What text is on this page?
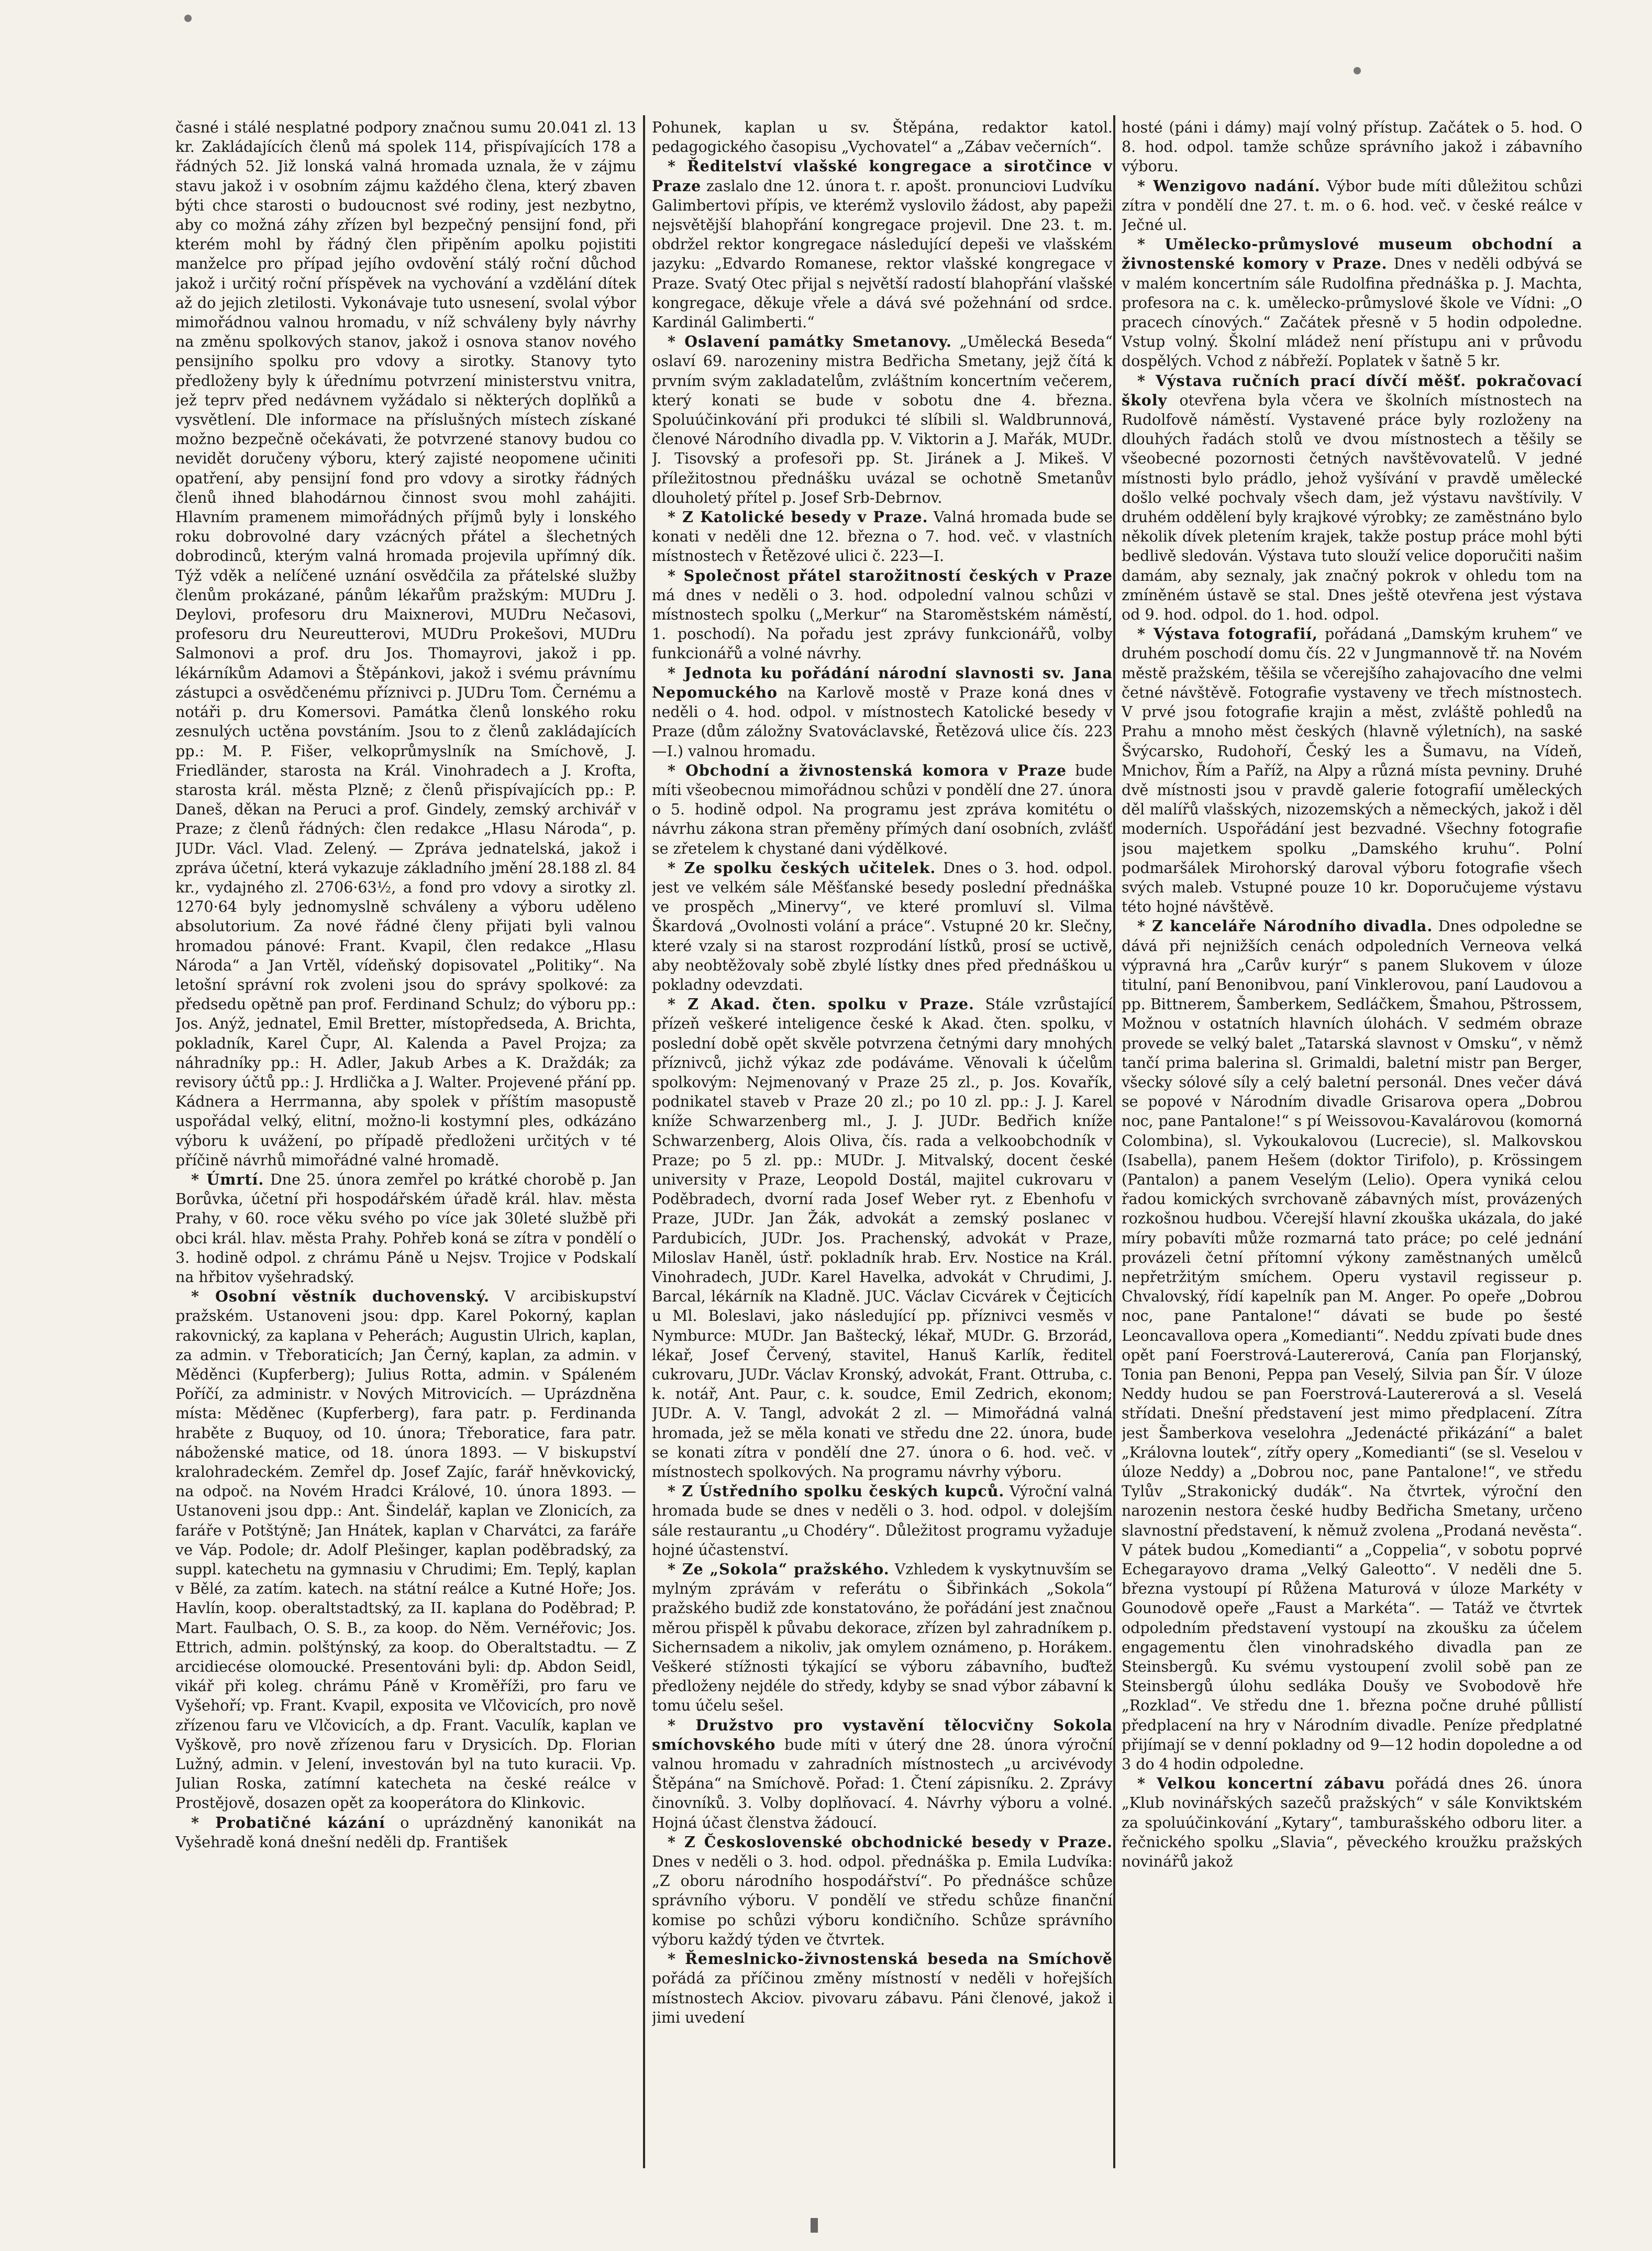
časné i stálé nesplatné podpory značnou sumu 20.041 zl. 13 kr. Zakládajících členů má spolek 114, přispívajících 178 a řádných 52. Již lonská valná hromada uznala, že v zájmu stavu jakož i v osobním zájmu každého člena, který zbaven býti chce starosti o budoucnost své rodiny, jest nezbytno, aby co možná záhy zřízen byl bezpečný pensijní fond, při kterém mohl by řádný člen připěním apolku pojistiti manželce pro případ jejího ovdovění stálý roční důchod jakož i určitý roční příspěvek na vychování a vzdělání dítek až do jejich zletilosti. Vykonávaje tuto usnesení, svolal výbor mimořádnou valnou hromadu, v níž schváleny byly návrhy na změnu spolkových stanov, jakož i osnova stanov nového pensijního spolku pro vdovy a sirotky. Stanovy tyto předloženy byly k úřednímu potvrzení ministerstvu vnitra, jež teprv před nedávnem vyžádalo si některých doplňků a vysvětlení. Dle informace na příslušných místech získané možno bezpečně očekávati, že potvrzené stanovy budou co nevidět doručeny výboru, který zajisté neopomene učiniti opatření, aby pensijní fond pro vdovy a sirotky řádných členů ihned blahodárnou činnost svou mohl zahájiti. Hlavním pramenem mimořádných příjmů byly i lonského roku dobrovolné dary vzácných přátel a šlechetných dobrodinců, kterým valná hromada projevila upřímný dík. Týž vděk a nelíčené uznání osvědčila za přátelské služby členům prokázané, pánům lékařům pražským: MUDru J. Deylovi, profesoru dru Maixnerovi, MUDru Nečasovi, profesoru dru Neureutterovi, MUDru Prokešovi, MUDru Salmonovi a prof. dru Jos. Thomayrovi, jakož i pp. lékárníkům Adamovi a Štěpánkovi, jakož i svému právnímu zástupci a osvědčenému příznivci p. JUDru Tom. Černému a notáři p. dru Komersovi. Památka členů lonského roku zesnulých uctěna povstáním. Jsou to z členů zakládajících pp.: M. P. Fišer, velkoprůmyslník na Smíchově, J. Friedländer, starosta na Král. Vinohradech a J. Krofta, starosta král. města Plzně; z členů přispívajících pp.: P. Daneš, děkan na Peruci a prof. Gindely, zemský archivář v Praze; z členů řádných: člen redakce „Hlasu Národa“, p. JUDr. Václ. Vlad. Zelený. — Zpráva jednatelská, jakož i zpráva účetní, která vykazuje základního jmění 28.188 zl. 84 kr., vydajného zl. 2706·63½, a fond pro vdovy a sirotky zl. 1270·64 byly jednomyslně schváleny a výboru uděleno absolutorium. Za nové řádné členy přijati byli valnou hromadou pánové: Frant. Kvapil, člen redakce „Hlasu Národa“ a Jan Vrtěl, vídeňský dopisovatel „Politiky“. Na letošní správní rok zvoleni jsou do správy spolkové: za předsedu opětně pan prof. Ferdinand Schulz; do výboru pp.: Jos. Anýž, jednatel, Emil Bretter, místopředseda, A. Brichta, pokladník, Karel Čupr, Al. Kalenda a Pavel Projza; za náhradníky pp.: H. Adler, Jakub Arbes a K. Draždák; za revisory účtů pp.: J. Hrdlička a J. Walter. Projevené přání pp. Kádnera a Herrmanna, aby spolek v příštím masopustě uspořádal velký, elitní, možno-li kostymní ples, odkázáno výboru k uvážení, po případě předloženi určitých v té příčině návrhů mimořádné valné hromadě.

* Úmrtí. Dne 25. února zemřel po krátké chorobě p. Jan Borůvka, účetní při hospodářském úřadě král. hlav. města Prahy, v 60. roce věku svého po více jak 30leté službě při obci král. hlav. města Prahy. Pohřeb koná se zítra v pondělí o 3. hodině odpol. z chrámu Páně u Nejsv. Trojice v Podskalí na hřbitov vyšehradský.

* Osobní věstník duchovenský. V arcibiskupství pražském. Ustanoveni jsou: dpp. Karel Pokorný, kaplan rakovnický, za kaplana v Peherách; Augustin Ulrich, kaplan, za admin. v Třeboraticích; Jan Černý, kaplan, za admin. v Měděnci (Kupferberg); Julius Rotta, admin. v Spáleném Poříčí, za administr. v Nových Mitrovicích. — Uprázdněna místa: Měděnec (Kupferberg), fara patr. p. Ferdinanda hraběte z Buquoy, od 10. února; Třeboratice, fara patr. náboženské matice, od 18. února 1893. — V biskupství kralohradeckém. Zemřel dp. Josef Zajíc, farář hněvkovický, na odpoč. na Novém Hradci Králové, 10. února 1893. — Ustanoveni jsou dpp.: Ant. Šindelář, kaplan ve Zlonicích, za faráře v Potštýně; Jan Hnátek, kaplan v Charvátci, za faráře ve Váp. Podole; dr. Adolf Plešinger, kaplan poděbradský, za suppl. katechetu na gymnasiu v Chrudimi; Em. Teplý, kaplan v Bělé, za zatím. katech. na státní reálce a Kutné Hoře; Jos. Havlín, koop. oberaltstadtský, za II. kaplana do Poděbrad; P. Mart. Faulbach, O. S. B., za koop. do Něm. Vernéřovic; Jos. Ettrich, admin. polštýnský, za koop. do Oberaltstadtu. — Z arcidiecése olomoucké. Presentováni byli: dp. Abdon Seidl, vikář při koleg. chrámu Páně v Kroměříži, pro faru ve Vyšehoří; vp. Frant. Kvapil, exposita ve Vlčovicích, pro nově zřízenou faru ve Vlčovicích, a dp. Frant. Vaculík, kaplan ve Vyškově, pro nově zřízenou faru v Drysicích. Dp. Florian Lužný, admin. v Jelení, investován byl na tuto kuracii. Vp. Julian Roska, zatímní katecheta na české reálce v Prostějově, dosazen opět za kooperátora do Klinkovic.

* Probatičné kázání o uprázdněný kanonikát na Vyšehradě koná dnešní neděli dp. František

Pohunek, kaplan u sv. Štěpána, redaktor katol. pedagogického časopisu „Vychovatel“ a „Zábav večerních“.

* Ředitelství vlašské kongregace a sirotčince v Praze zaslalo dne 12. února t. r. apošt. pronunciovi Ludvíku Galimbertovi přípis, ve kterémž vyslovilo žádost, aby papeži nejsvětější blahopřání kongregace projevil. Dne 23. t. m. obdržel rektor kongregace následující depeši ve vlašském jazyku: „Edvardo Romanese, rektor vlašské kongregace v Praze. Svatý Otec přijal s největší radostí blahopřání vlašské kongregace, děkuje vřele a dává své požehnání od srdce. Kardinál Galimberti.“

* Oslavení památky Smetanovy. „Umělecká Beseda“ oslaví 69. narozeniny mistra Bedřicha Smetany, jejž čítá k prvním svým zakladatelům, zvláštním koncertním večerem, který konati se bude v sobotu dne 4. března. Spoluúčinkování při produkci té slíbili sl. Waldbrunnová, členové Národního divadla pp. V. Viktorin a J. Mařák, MUDr. J. Tisovský a profesoři pp. St. Jiránek a J. Mikeš. V příležitostnou přednášku uvázal se ochotně Smetanův dlouholetý přítel p. Josef Srb-Debrnov.

* Z Katolické besedy v Praze. Valná hromada bude se konati v neděli dne 12. března o 7. hod. več. v vlastních místnostech v Řetězové ulici č. 223—I.

* Společnost přátel starožitností českých v Praze má dnes v neděli o 3. hod. odpolední valnou schůzi v místnostech spolku („Merkur“ na Staroměstském náměstí, 1. poschodí). Na pořadu jest zprávy funkcionářů, volby funkcionářů a volné návrhy.

* Jednota ku pořádání národní slavnosti sv. Jana Nepomuckého na Karlově mostě v Praze koná dnes v neděli o 4. hod. odpol. v místnostech Katolické besedy v Praze (dům záložny Svatováclavské, Řetězová ulice čís. 223—I.) valnou hromadu.

* Obchodní a živnostenská komora v Praze bude míti všeobecnou mimořádnou schůzi v pondělí dne 27. února o 5. hodině odpol. Na programu jest zpráva komitétu o návrhu zákona stran přeměny přímých daní osobních, zvlášť se zřetelem k chystané dani výdělkové.

* Ze spolku českých učitelek. Dnes o 3. hod. odpol. jest ve velkém sále Měšťanské besedy poslední přednáška ve prospěch „Minervy“, ve které promluví sl. Vilma Škardová „Ovolnosti volání a práce“. Vstupné 20 kr. Slečny, které vzaly si na starost rozprodání lístků, prosí se uctivě, aby neobtěžovaly sobě zbylé lístky dnes před přednáškou u pokladny odevzdati.

* Z Akad. čten. spolku v Praze. Stále vzrůstající přízeň veškeré inteligence české k Akad. čten. spolku, v poslední době opět skvěle potvrzena četnými dary mnohých příznivců, jichž výkaz zde podáváme. Věnovali k účelům spolkovým: Nejmenovaný v Praze 25 zl., p. Jos. Kovařík, podnikatel staveb v Praze 20 zl.; po 10 zl. pp.: J. J. Karel kníže Schwarzenberg ml., J. J. JUDr. Bedřich kníže Schwarzenberg, Alois Oliva, čís. rada a velkoobchodník v Praze; po 5 zl. pp.: MUDr. J. Mitvalský, docent české university v Praze, Leopold Dostál, majitel cukrovaru v Poděbradech, dvorní rada Josef Weber ryt. z Ebenhofu v Praze, JUDr. Jan Žák, advokát a zemský poslanec v Pardubicích, JUDr. Jos. Prachenský, advokát v Praze, Miloslav Haněl, ústř. pokladník hrab. Erv. Nostice na Král. Vinohradech, JUDr. Karel Havelka, advokát v Chrudimi, J. Barcal, lékárník na Kladně. JUC. Václav Cicvárek v Čejticích u Ml. Boleslavi, jako následující pp. příznivci vesměs v Nymburce: MUDr. Jan Baštecký, lékař, MUDr. G. Brzorád, lékař, Josef Červený, stavitel, Hanuš Karlík, ředitel cukrovaru, JUDr. Václav Kronský, advokát, Frant. Ottruba, c. k. notář, Ant. Paur, c. k. soudce, Emil Zedrich, ekonom; JUDr. A. V. Tangl, advokát 2 zl. — Mimořádná valná hromada, jež se měla konati ve středu dne 22. února, bude se konati zítra v pondělí dne 27. února o 6. hod. več. v místnostech spolkových. Na programu návrhy výboru.

* Z Ústředního spolku českých kupců. Výroční valná hromada bude se dnes v neděli o 3. hod. odpol. v dolejším sále restaurantu „u Chodéry“. Důležitost programu vyžaduje hojné účastenství.

* Ze „Sokola“ pražského. Vzhledem k vyskytnuvším se mylným zprávám v referátu o Šibřinkách „Sokola“ pražského budiž zde konstatováno, že pořádání jest značnou měrou přispěl k půvabu dekorace, zřízen byl zahradníkem p. Sichernsadem a nikoliv, jak omylem oznámeno, p. Horákem. Veškeré stížnosti týkající se výboru zábavního, buďtež předloženy nejdéle do středy, kdyby se snad výbor zábavní k tomu účelu sešel.

* Družstvo pro vystavění tělocvičny Sokola smíchovského bude míti v úterý dne 28. února výroční valnou hromadu v zahradních místnostech „u arcivévody Štěpána“ na Smíchově. Pořad: 1. Čtení zápisníku. 2. Zprávy činovníků. 3. Volby doplňovací. 4. Návrhy výboru a volné. Hojná účast členstva žádoucí.

* Z Československé obchodnické besedy v Praze. Dnes v neděli o 3. hod. odpol. přednáška p. Emila Ludvíka: „Z oboru národního hospodářství“. Po přednášce schůze správního výboru. V pondělí ve středu schůze finanční komise po schůzi výboru kondičního. Schůze správního výboru každý týden ve čtvrtek.

* Řemeslnicko-živnostenská beseda na Smíchově pořádá za příčinou změny místností v neděli v hořejších místnostech Akciov. pivovaru zábavu. Páni členové, jakož i jimi uvedení

hosté (páni i dámy) mají volný přístup. Začátek o 5. hod. O 8. hod. odpol. tamže schůze správního jakož i zábavního výboru.

* Wenzigovo nadání. Výbor bude míti důležitou schůzi zítra v pondělí dne 27. t. m. o 6. hod. več. v české reálce v Ječné ul.

* Umělecko-průmyslové museum obchodní a živnostenské komory v Praze. Dnes v neděli odbývá se v malém koncertním sále Rudolfina přednáška p. J. Machta, profesora na c. k. umělecko-průmyslové škole ve Vídni: „O pracech cínových.“ Začátek přesně v 5 hodin odpoledne. Vstup volný. Školní mládež není přístupu ani v průvodu dospělých. Vchod z nábřeží. Poplatek v šatně 5 kr.

* Výstava ručních prací dívčí měšť. pokračovací školy otevřena byla včera ve školních místnostech na Rudolfově náměstí. Vystavené práce byly rozloženy na dlouhých řadách stolů ve dvou místnostech a těšily se všeobecné pozornosti četných navštěvovatelů. V jedné místnosti bylo prádlo, jehož vyšívání v pravdě umělecké došlo velké pochvaly všech dam, jež výstavu navštívily. V druhém oddělení byly krajkové výrobky; ze zaměstnáno bylo několik dívek pletením krajek, takže postup práce mohl býti bedlivě sledován. Výstava tuto slouží velice doporučiti našim damám, aby seznaly, jak značný pokrok v ohledu tom na zmíněném ústavě se stal. Dnes ještě otevřena jest výstava od 9. hod. odpol. do 1. hod. odpol.

* Výstava fotografií, pořádaná „Damským kruhem“ ve druhém poschodí domu čís. 22 v Jungmannově tř. na Novém městě pražském, těšila se včerejšího zahajovacího dne velmi četné návštěvě. Fotografie vystaveny ve třech místnostech. V prvé jsou fotografie krajin a měst, zvláště pohledů na Prahu a mnoho měst českých (hlavně výletních), na saské Švýcarsko, Rudohoří, Český les a Šumavu, na Vídeň, Mnichov, Řím a Paříž, na Alpy a různá místa pevniny. Druhé dvě místnosti jsou v pravdě galerie fotografií uměleckých děl malířů vlašských, nizozemských a německých, jakož i děl moderních. Uspořádání jest bezvadné. Všechny fotografie jsou majetkem spolku „Damského kruhu“. Polní podmaršálek Mirohorský daroval výboru fotografie všech svých maleb. Vstupné pouze 10 kr. Doporučujeme výstavu této hojné návštěvě.

* Z kanceláře Národního divadla. Dnes odpoledne se dává při nejnižších cenách odpoledních Verneova velká výpravná hra „Carův kurýr“ s panem Slukovem v úloze titulní, paní Benonibvou, paní Vinklerovou, paní Laudovou a pp. Bittnerem, Šamberkem, Sedláčkem, Šmahou, Pštrossem, Možnou v ostatních hlavních úlohách. V sedmém obraze provede se velký balet „Tatarská slavnost v Omsku“, v němž tančí prima balerina sl. Grimaldi, baletní mistr pan Berger, všecky sólové síly a celý baletní personál. Dnes večer dává se popové v Národním divadle Grisarova opera „Dobrou noc, pane Pantalone!“ s pí Weissovou-Kavalárovou (komorná Colombina), sl. Vykoukalovou (Lucrecie), sl. Malkovskou (Isabella), panem Hešem (doktor Tirifolo), p. Krössingem (Pantalon) a panem Veselým (Lelio). Opera vyniká celou řadou komických svrchovaně zábavných míst, provázených rozkošnou hudbou. Včerejší hlavní zkouška ukázala, do jaké míry pobavíti může rozmarná tato práce; po celé jednání provázeli četní přítomní výkony zaměstnaných umělců nepřetržitým smíchem. Operu vystavil regisseur p. Chvalovský, řídí kapelník pan M. Anger. Po opeře „Dobrou noc, pane Pantalone!“ dávati se bude po šesté Leoncavallova opera „Komedianti“. Neddu zpívati bude dnes opět paní Foerstrová-Lautererová, Canía pan Florjanský, Tonia pan Benoni, Peppa pan Veselý, Silvia pan Šír. V úloze Neddy hudou se pan Foerstrová-Lautererová a sl. Veselá střídati. Dnešní představení jest mimo předplacení. Zítra jest Šamberkova veselohra „Jedenácté přikázání“ a balet „Královna loutek“, zítřy opery „Komedianti“ (se sl. Veselou v úloze Neddy) a „Dobrou noc, pane Pantalone!“, ve středu Tylův „Strakonický dudák“. Na čtvrtek, výroční den narozenin nestora české hudby Bedřicha Smetany, určeno slavnostní představení, k němuž zvolena „Prodaná nevěsta“. V pátek budou „Komedianti“ a „Coppelia“, v sobotu poprvé Echegarayovo drama „Velký Galeotto“. V neděli dne 5. března vystoupí pí Růžena Maturová v úloze Markéty v Gounodově opeře „Faust a Markéta“. — Tatáž ve čtvrtek odpoledním představení vystoupí na zkoušku za účelem engagementu člen vinohradského divadla pan ze Steinsbergů. Ku svému vystoupení zvolil sobě pan ze Steinsbergů úlohu sedláka Doušy ve Svobodově hře „Rozklad“. Ve středu dne 1. března počne druhé půllistí předplacení na hry v Národním divadle. Peníze předplatné přijímají se v denní pokladny od 9—12 hodin dopoledne a od 3 do 4 hodin odpoledne.

* Velkou koncertní zábavu pořádá dnes 26. února „Klub novinářských sazečů pražských“ v sále Konviktském za spoluúčinkování „Kytary“, tamburašského odboru liter. a řečnického spolku „Slavia“, pěveckého kroužku pražských novinářů jakož
